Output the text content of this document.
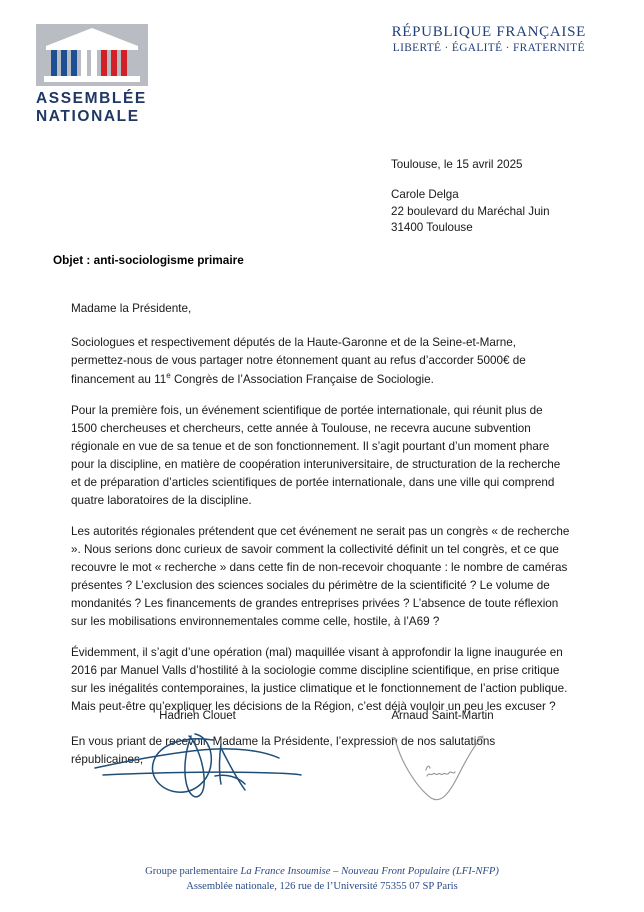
ASSEMBLÉE
NATIONALE
RÉPUBLIQUE FRANÇAISE
LIBERTÉ · ÉGALITÉ · FRATERNITÉ
Toulouse, le 15 avril 2025
Carole Delga
22 boulevard du Maréchal Juin
31400 Toulouse
Objet : anti-sociologisme primaire

Madame la Présidente,

Sociologues et respectivement députés de la Haute-Garonne et de la Seine-et-Marne, permettez-nous de vous partager notre étonnement quant au refus d’accorder 5000€ de financement au 11e Congrès de l’Association Française de Sociologie.

Pour la première fois, un événement scientifique de portée internationale, qui réunit plus de 1500 chercheuses et chercheurs, cette année à Toulouse, ne recevra aucune subvention régionale en vue de sa tenue et de son fonctionnement. Il s’agit pourtant d’un moment phare pour la discipline, en matière de coopération interuniversitaire, de structuration de la recherche et de préparation d’articles scientifiques de portée internationale, dans une ville qui comprend quatre laboratoires de la discipline.

Les autorités régionales prétendent que cet événement ne serait pas un congrès « de recherche ». Nous serions donc curieux de savoir comment la collectivité définit un tel congrès, et ce que recouvre le mot « recherche » dans cette fin de non-recevoir choquante : le nombre de caméras présentes ? L’exclusion des sciences sociales du périmètre de la scientificité ? Le volume de mondanités ? Les financements de grandes entreprises privées ? L’absence de toute réflexion sur les mobilisations environnementales comme celle, hostile, à l’A69 ?

Évidemment, il s’agit d’une opération (mal) maquillée visant à approfondir la ligne inaugurée en 2016 par Manuel Valls d’hostilité à la sociologie comme discipline scientifique, en prise critique sur les inégalités contemporaines, la justice climatique et le fonctionnement de l’action publique. Mais peut-être qu’expliquer les décisions de la Région, c’est déjà vouloir un peu les excuser ?

En vous priant de recevoir, Madame la Présidente, l’expression de nos salutations républicaines,

Hadrien Clouet	Arnaud Saint-Martin
Groupe parlementaire La France Insoumise – Nouveau Front Populaire (LFI-NFP)
Assemblée nationale, 126 rue de l’Université 75355 07 SP Paris
